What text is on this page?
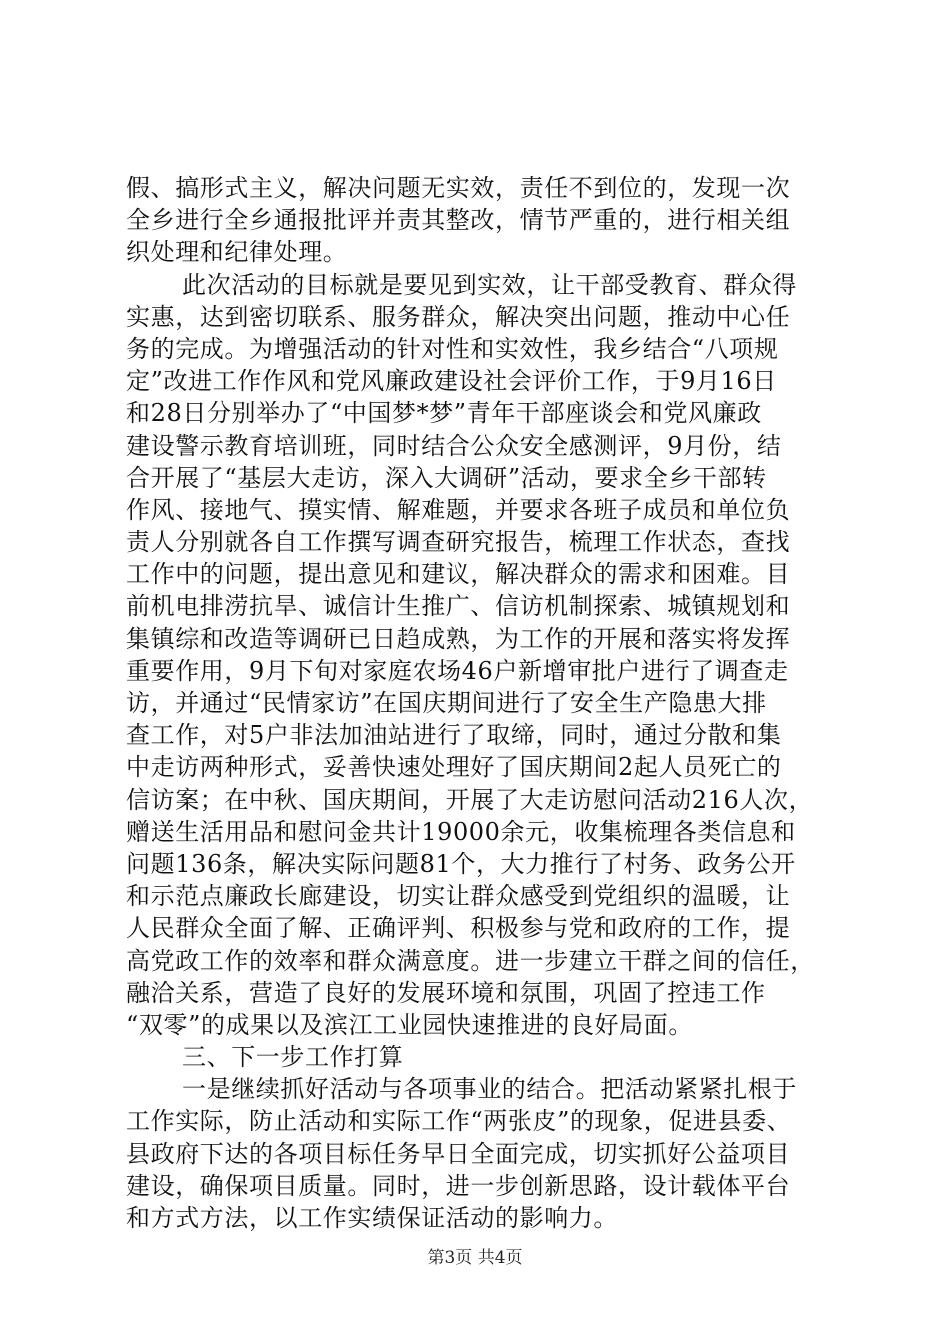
假、搞形式主义，解决问题无实效，责任不到位的，发现一次
全乡进行全乡通报批评并责其整改，情节严重的，进行相关组
织处理和纪律处理。
此次活动的目标就是要见到实效，让干部受教育、群众得
实惠，达到密切联系、服务群众，解决突出问题，推动中心任
务的完成。为增强活动的针对性和实效性，我乡结合“八项规
定”改进工作作风和党风廉政建设社会评价工作，于9月16日
和28日分别举办了“中国梦*梦”青年干部座谈会和党风廉政
建设警示教育培训班，同时结合公众安全感测评，9月份，结
合开展了“基层大走访，深入大调研”活动，要求全乡干部转
作风、接地气、摸实情、解难题，并要求各班子成员和单位负
责人分别就各自工作撰写调查研究报告，梳理工作状态，查找
工作中的问题，提出意见和建议，解决群众的需求和困难。目
前机电排涝抗旱、诚信计生推广、信访机制探索、城镇规划和
集镇综和改造等调研已日趋成熟，为工作的开展和落实将发挥
重要作用，9月下旬对家庭农场46户新增审批户进行了调查走
访，并通过“民情家访”在国庆期间进行了安全生产隐患大排
查工作，对5户非法加油站进行了取缔，同时，通过分散和集
中走访两种形式，妥善快速处理好了国庆期间2起人员死亡的
信访案；在中秋、国庆期间，开展了大走访慰问活动216人次，
赠送生活用品和慰问金共计19000余元，收集梳理各类信息和
问题136条，解决实际问题81个，大力推行了村务、政务公开
和示范点廉政长廊建设，切实让群众感受到党组织的温暖，让
人民群众全面了解、正确评判、积极参与党和政府的工作，提
高党政工作的效率和群众满意度。进一步建立干群之间的信任，
融洽关系，营造了良好的发展环境和氛围，巩固了控违工作
“双零”的成果以及滨江工业园快速推进的良好局面。
三、下一步工作打算
一是继续抓好活动与各项事业的结合。把活动紧紧扎根于
工作实际，防止活动和实际工作“两张皮”的现象，促进县委、
县政府下达的各项目标任务早日全面完成，切实抓好公益项目
建设，确保项目质量。同时，进一步创新思路，设计载体平台
和方式方法，以工作实绩保证活动的影响力。
第3页 共4页
